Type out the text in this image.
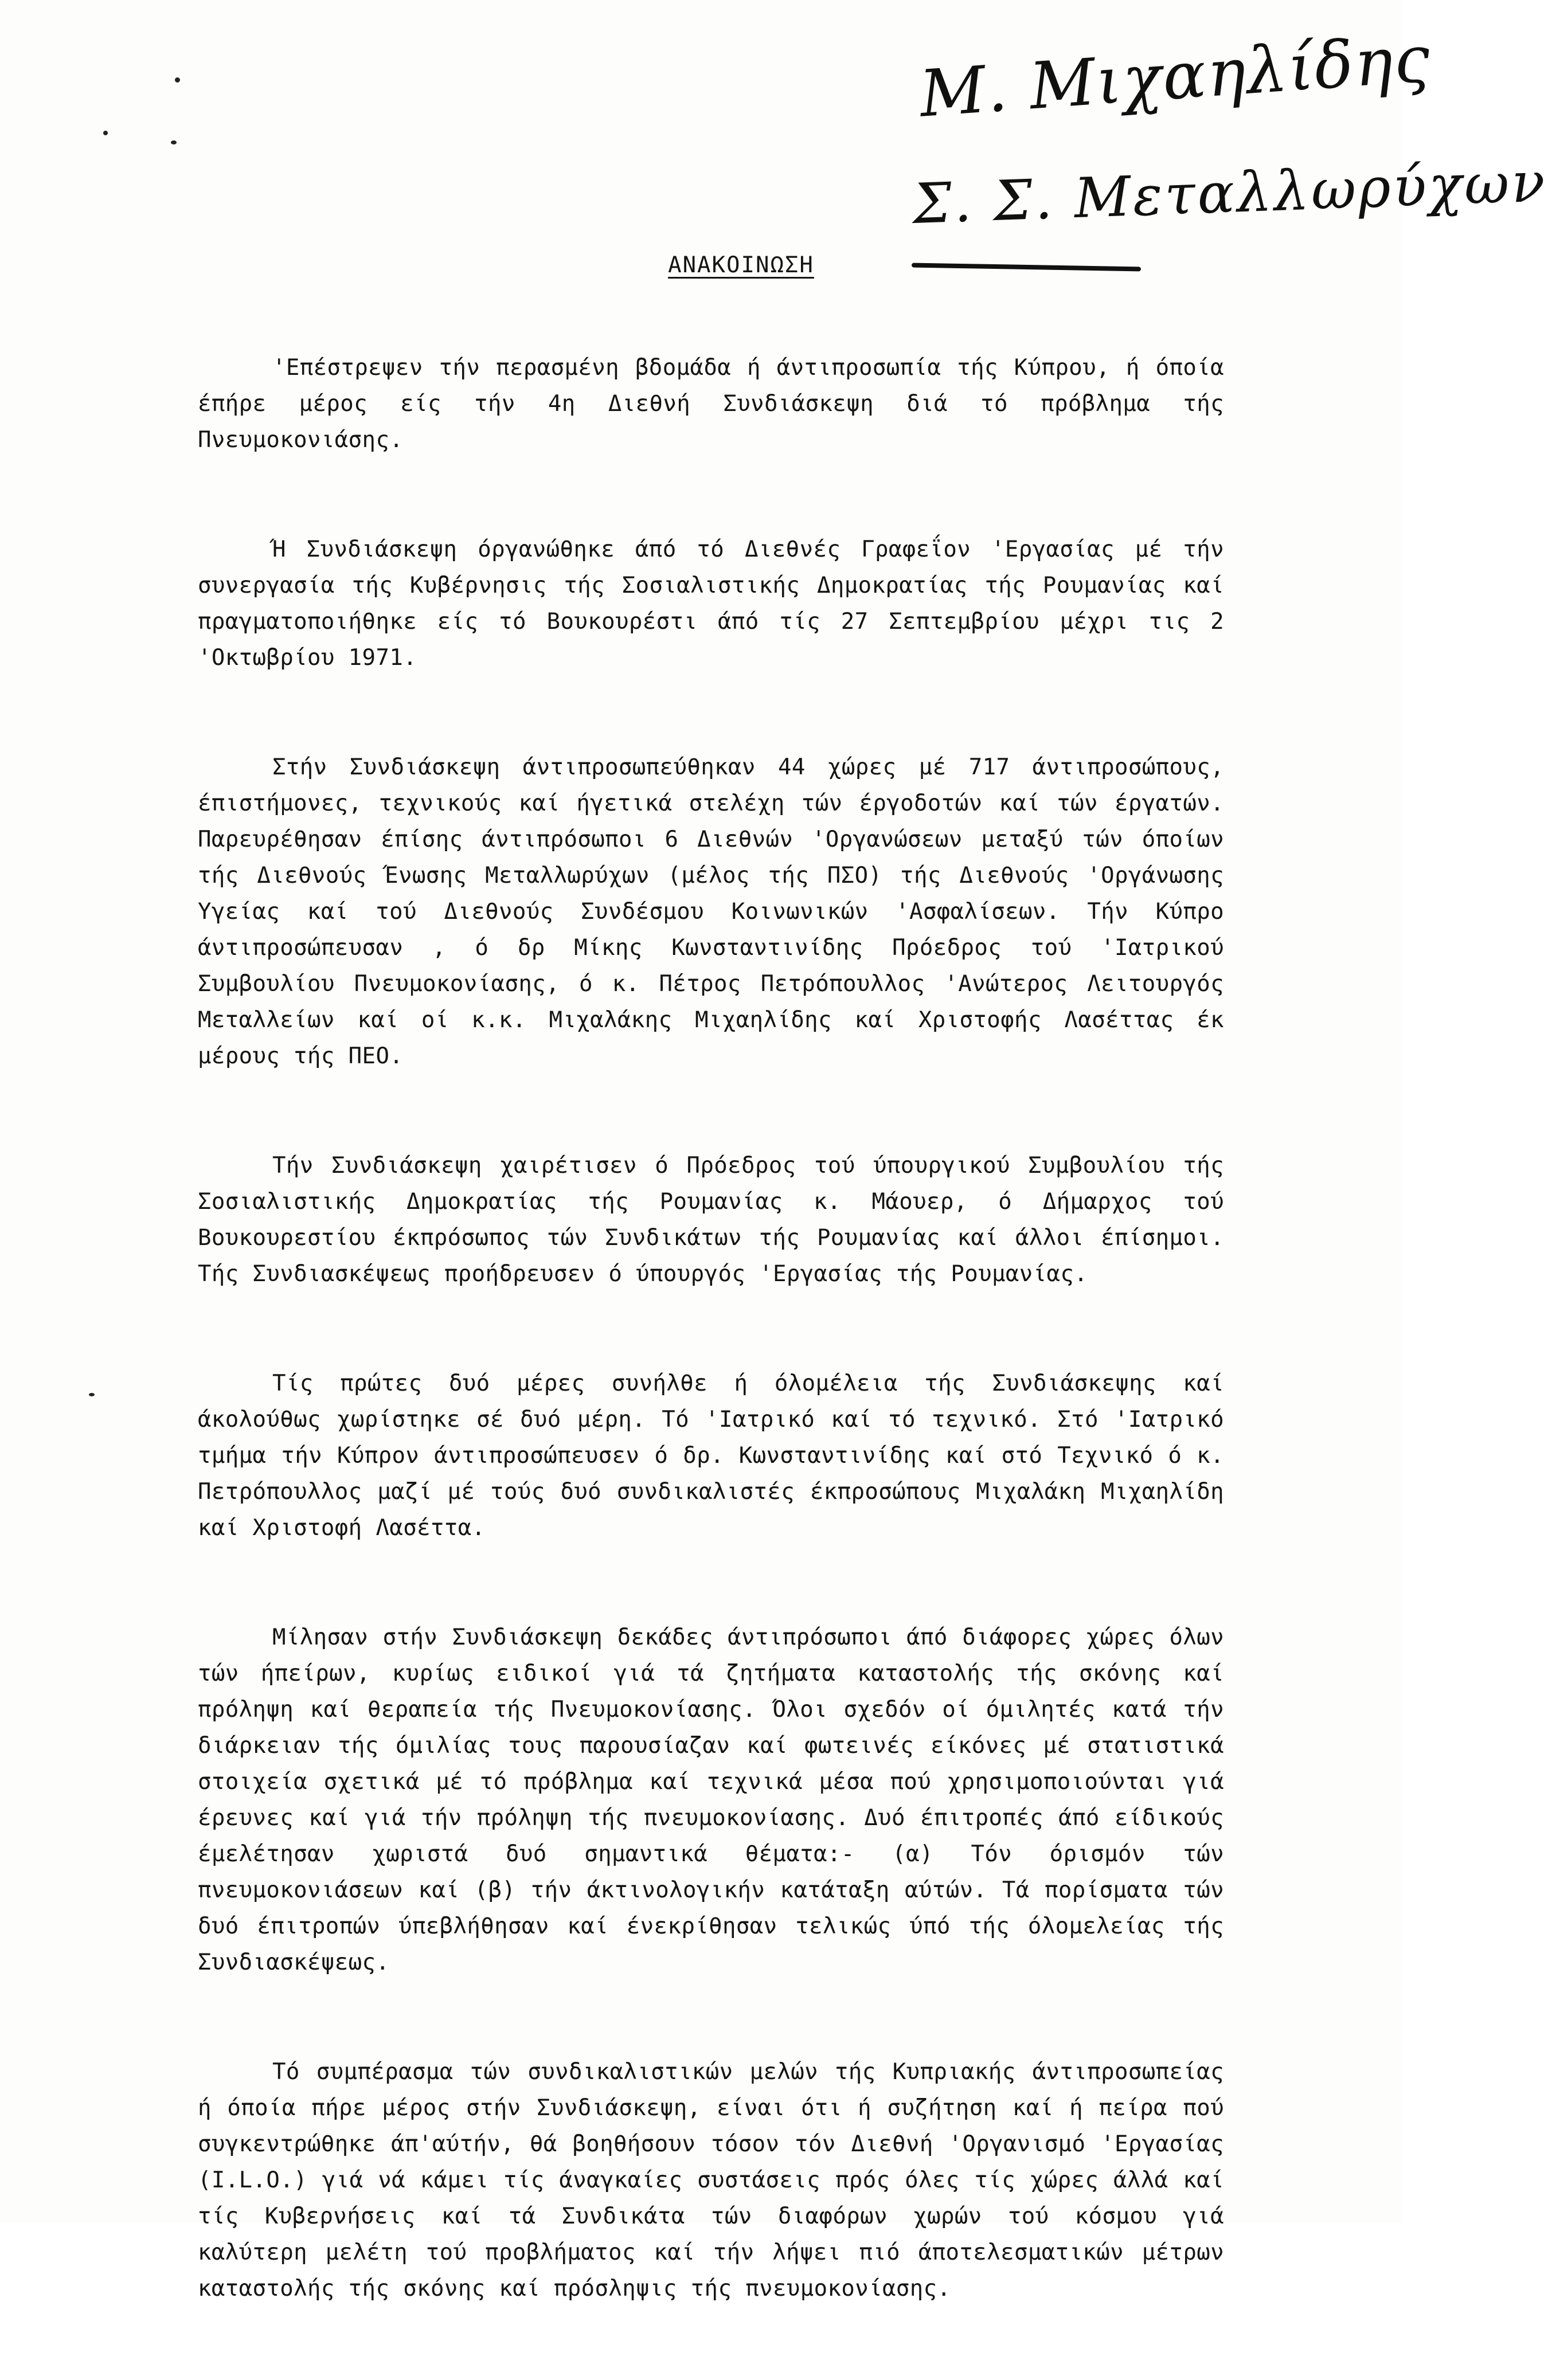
Μ. Μιχαηλίδης
Σ. Σ. Μεταλλωρύχων
ΑΝΑΚΟΙΝΩΣΗ

'Επέστρεψεν τήν περασμένη βδομάδα ή άντιπροσωπία τής Κύπρου, ή όποία έπήρε μέρος είς τήν 4η Διεθνή Συνδιάσκεψη διά τό πρόβλημα τής Πνευμοκονιάσης.

Ή Συνδιάσκεψη όργανώθηκε άπό τό Διεθνές Γραφεΐον 'Εργασίας μέ τήν συνεργασία τής Κυβέρνησις τής Σοσιαλιστικής Δημοκρατίας τής Ρουμανίας καί πραγματοποιήθηκε είς τό Βουκουρέστι άπό τίς 27 Σεπτεμβρίου μέχρι τις 2 'Οκτωβρίου 1971.

Στήν Συνδιάσκεψη άντιπροσωπεύθηκαν 44 χώρες μέ 717 άντιπροσώπους, έπιστήμονες, τεχνικούς καί ήγετικά στελέχη τών έργοδοτών καί τών έργατών. Παρευρέθησαν έπίσης άντιπρόσωποι 6 Διεθνών 'Οργανώσεων μεταξύ τών όποίων τής Διεθνούς Ένωσης Μεταλλωρύχων (μέλος τής ΠΣΟ) τής Διεθνούς 'Οργάνωσης Υγείας καί τού Διεθνούς Συνδέσμου Κοινωνικών 'Ασφαλίσεων. Τήν Κύπρο άντιπροσώπευσαν , ό δρ Μίκης Κωνσταντινίδης Πρόεδρος τού 'Ιατρικού Συμβουλίου Πνευμοκονίασης, ό κ. Πέτρος Πετρόπουλλος 'Ανώτερος Λειτουργός Μεταλλείων καί οί κ.κ. Μιχαλάκης Μιχαηλίδης καί Χριστοφής Λασέττας έκ μέρους τής ΠΕΟ.

Τήν Συνδιάσκεψη χαιρέτισεν ό Πρόεδρος τού ύπουργικού Συμβουλίου τής Σοσιαλιστικής Δημοκρατίας τής Ρουμανίας κ. Μάουερ, ό Δήμαρχος τού Βουκουρεστίου έκπρόσωπος τών Συνδικάτων τής Ρουμανίας καί άλλοι έπίσημοι. Τής Συνδιασκέψεως προήδρευσεν ό ύπουργός 'Εργασίας τής Ρουμανίας.

Τίς πρώτες δυό μέρες συνήλθε ή όλομέλεια τής Συνδιάσκεψης καί άκολούθως χωρίστηκε σέ δυό μέρη. Τό 'Ιατρικό καί τό τεχνικό. Στό 'Ιατρικό τμήμα τήν Κύπρον άντιπροσώπευσεν ό δρ. Κωνσταντινίδης καί στό Τεχνικό ό κ. Πετρόπουλλος μαζί μέ τούς δυό συνδικαλιστές έκπροσώπους Μιχαλάκη Μιχαηλίδη καί Χριστοφή Λασέττα.

Μίλησαν στήν Συνδιάσκεψη δεκάδες άντιπρόσωποι άπό διάφορες χώρες όλων τών ήπείρων, κυρίως ειδικοί γιά τά ζητήματα καταστολής τής σκόνης καί πρόληψη καί θεραπεία τής Πνευμοκονίασης. Όλοι σχεδόν οί όμιλητές κατά τήν διάρκειαν τής όμιλίας τους παρουσίαζαν καί φωτεινές είκόνες μέ στατιστικά στοιχεία σχετικά μέ τό πρόβλημα καί τεχνικά μέσα πού χρησιμοποιούνται γιά έρευνες καί γιά τήν πρόληψη τής πνευμοκονίασης. Δυό έπιτροπές άπό είδικούς έμελέτησαν χωριστά δυό σημαντικά θέματα:- (α) Τόν όρισμόν τών πνευμοκονιάσεων καί (β) τήν άκτινολογικήν κατάταξη αύτών. Τά πορίσματα τών δυό έπιτροπών ύπεβλήθησαν καί ένεκρίθησαν τελικώς ύπό τής όλομελείας τής Συνδιασκέψεως.

Τό συμπέρασμα τών συνδικαλιστικών μελών τής Κυπριακής άντιπροσωπείας ή όποία πήρε μέρος στήν Συνδιάσκεψη, είναι ότι ή συζήτηση καί ή πείρα πού συγκεντρώθηκε άπ'αύτήν, θά βοηθήσουν τόσον τόν Διεθνή 'Οργανισμό 'Εργασίας (I.L.O.) γιά νά κάμει τίς άναγκαίες συστάσεις πρός όλες τίς χώρες άλλά καί τίς Κυβερνήσεις καί τά Συνδικάτα τών διαφόρων χωρών τού κόσμου γιά καλύτερη μελέτη τού προβλήματος καί τήν λήψει πιό άποτελεσματικών μέτρων καταστολής τής σκόνης καί πρόσληψις τής πνευμοκονίασης.
